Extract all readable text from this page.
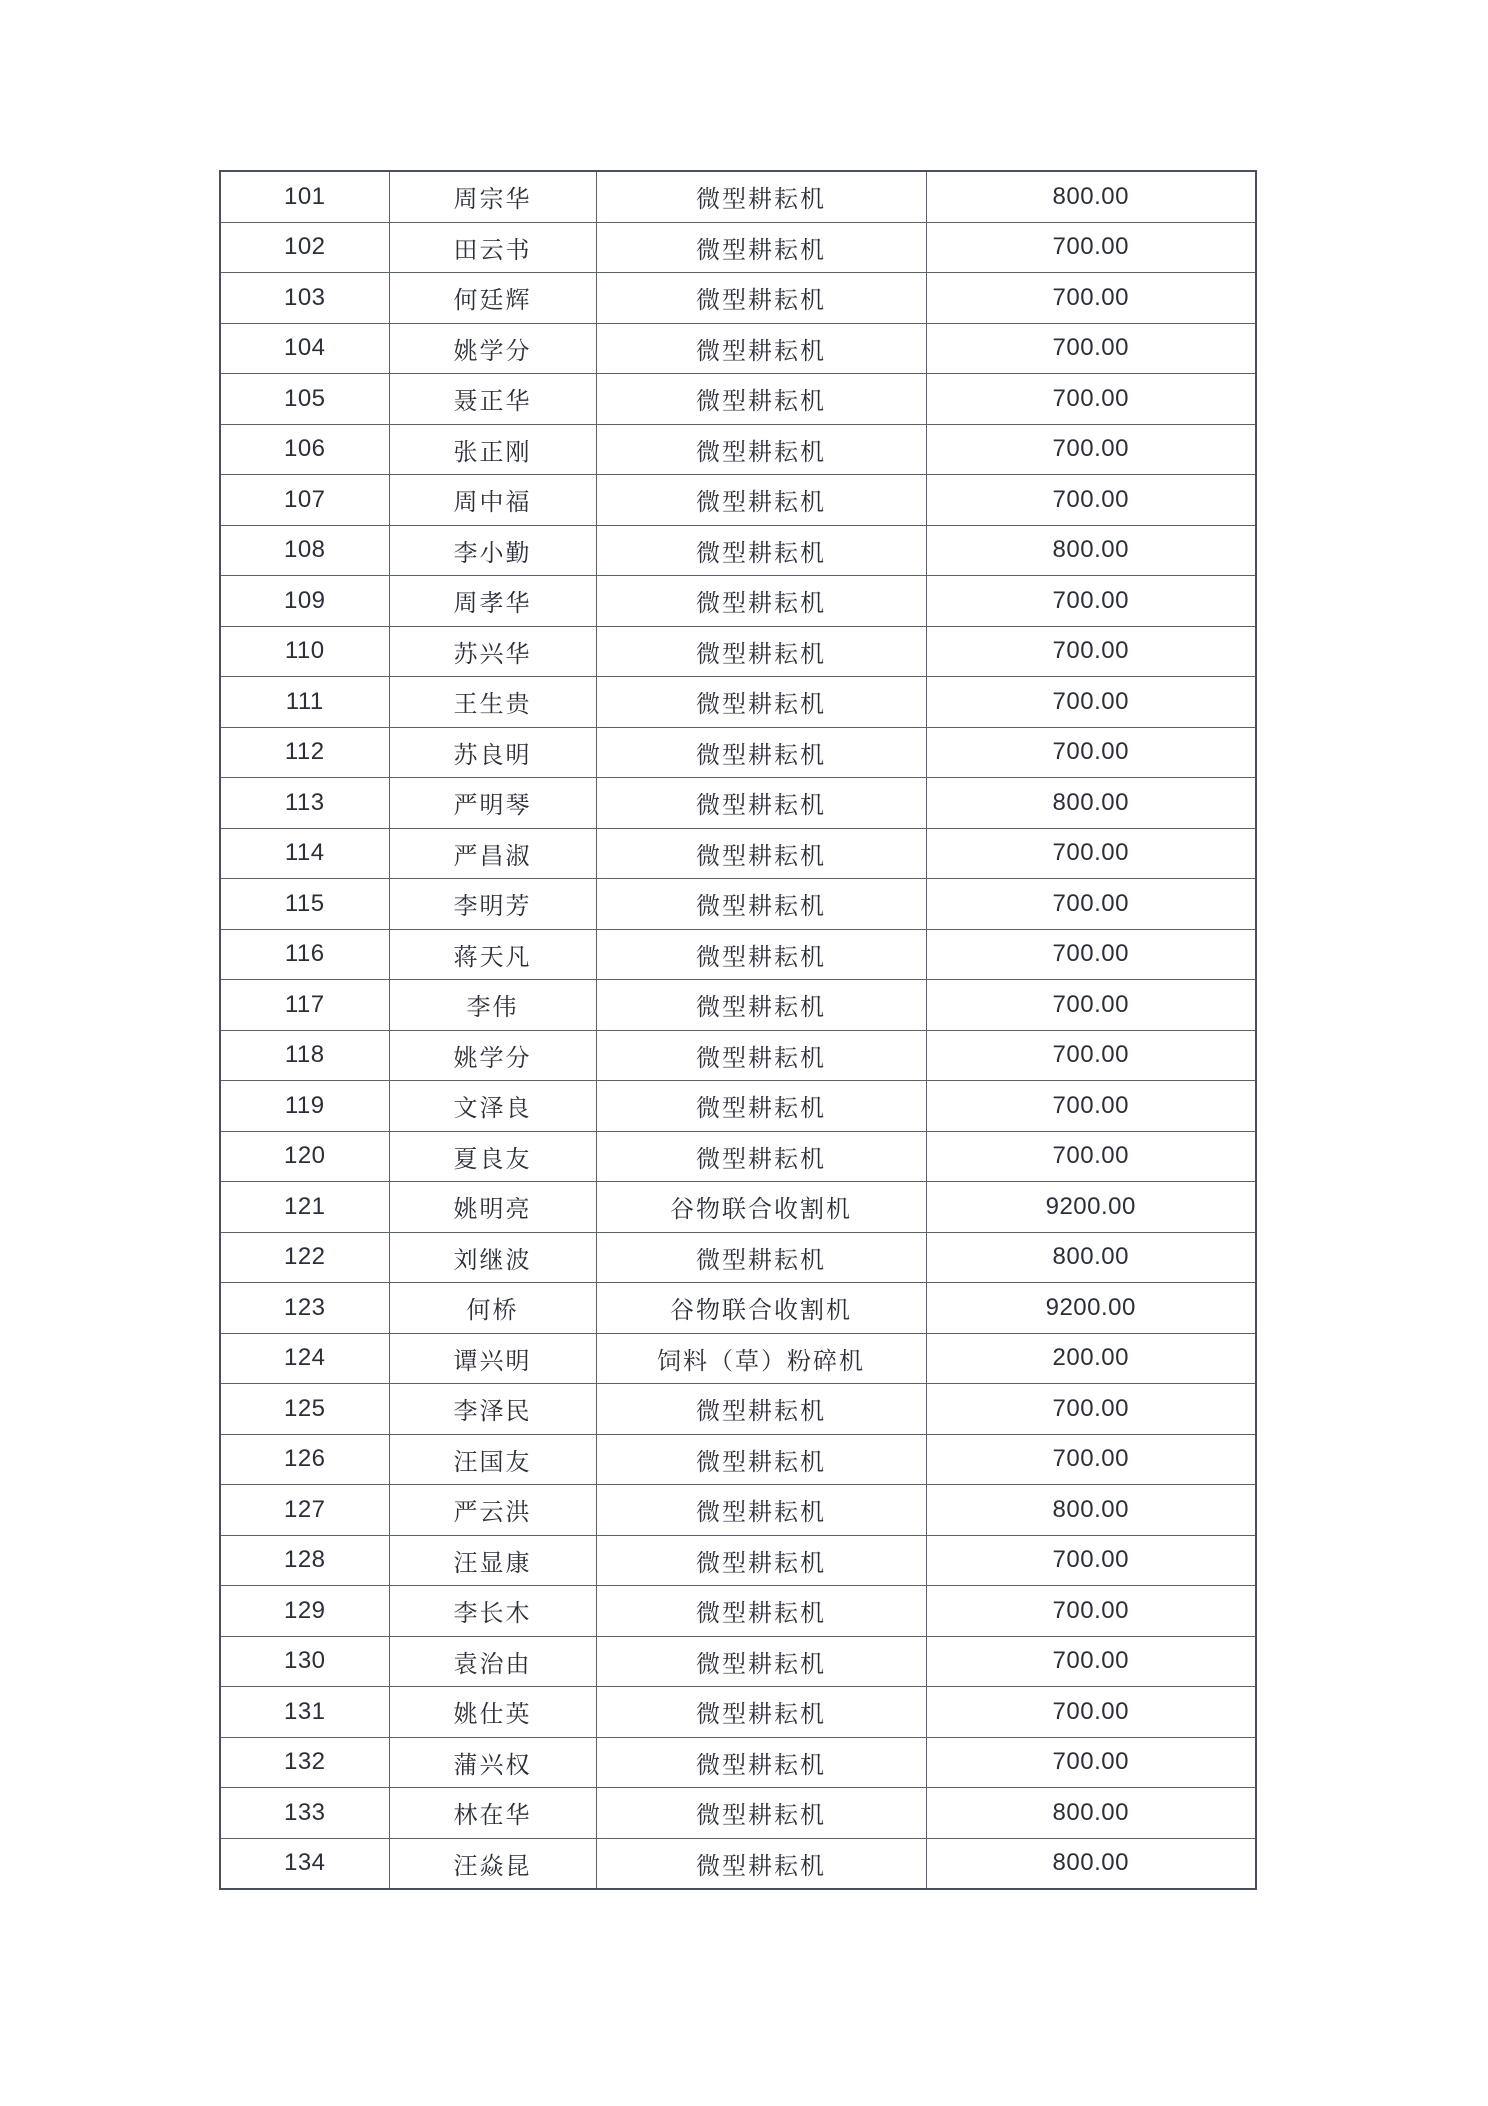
101	周宗华	微型耕耘机	800.00
102	田云书	微型耕耘机	700.00
103	何廷辉	微型耕耘机	700.00
104	姚学分	微型耕耘机	700.00
105	聂正华	微型耕耘机	700.00
106	张正刚	微型耕耘机	700.00
107	周中福	微型耕耘机	700.00
108	李小勤	微型耕耘机	800.00
109	周孝华	微型耕耘机	700.00
110	苏兴华	微型耕耘机	700.00
111	王生贵	微型耕耘机	700.00
112	苏良明	微型耕耘机	700.00
113	严明琴	微型耕耘机	800.00
114	严昌淑	微型耕耘机	700.00
115	李明芳	微型耕耘机	700.00
116	蒋天凡	微型耕耘机	700.00
117	李伟	微型耕耘机	700.00
118	姚学分	微型耕耘机	700.00
119	文泽良	微型耕耘机	700.00
120	夏良友	微型耕耘机	700.00
121	姚明亮	谷物联合收割机	9200.00
122	刘继波	微型耕耘机	800.00
123	何桥	谷物联合收割机	9200.00
124	谭兴明	饲料（草）粉碎机	200.00
125	李泽民	微型耕耘机	700.00
126	汪国友	微型耕耘机	700.00
127	严云洪	微型耕耘机	800.00
128	汪显康	微型耕耘机	700.00
129	李长木	微型耕耘机	700.00
130	袁治由	微型耕耘机	700.00
131	姚仕英	微型耕耘机	700.00
132	蒲兴权	微型耕耘机	700.00
133	林在华	微型耕耘机	800.00
134	汪焱昆	微型耕耘机	800.00
